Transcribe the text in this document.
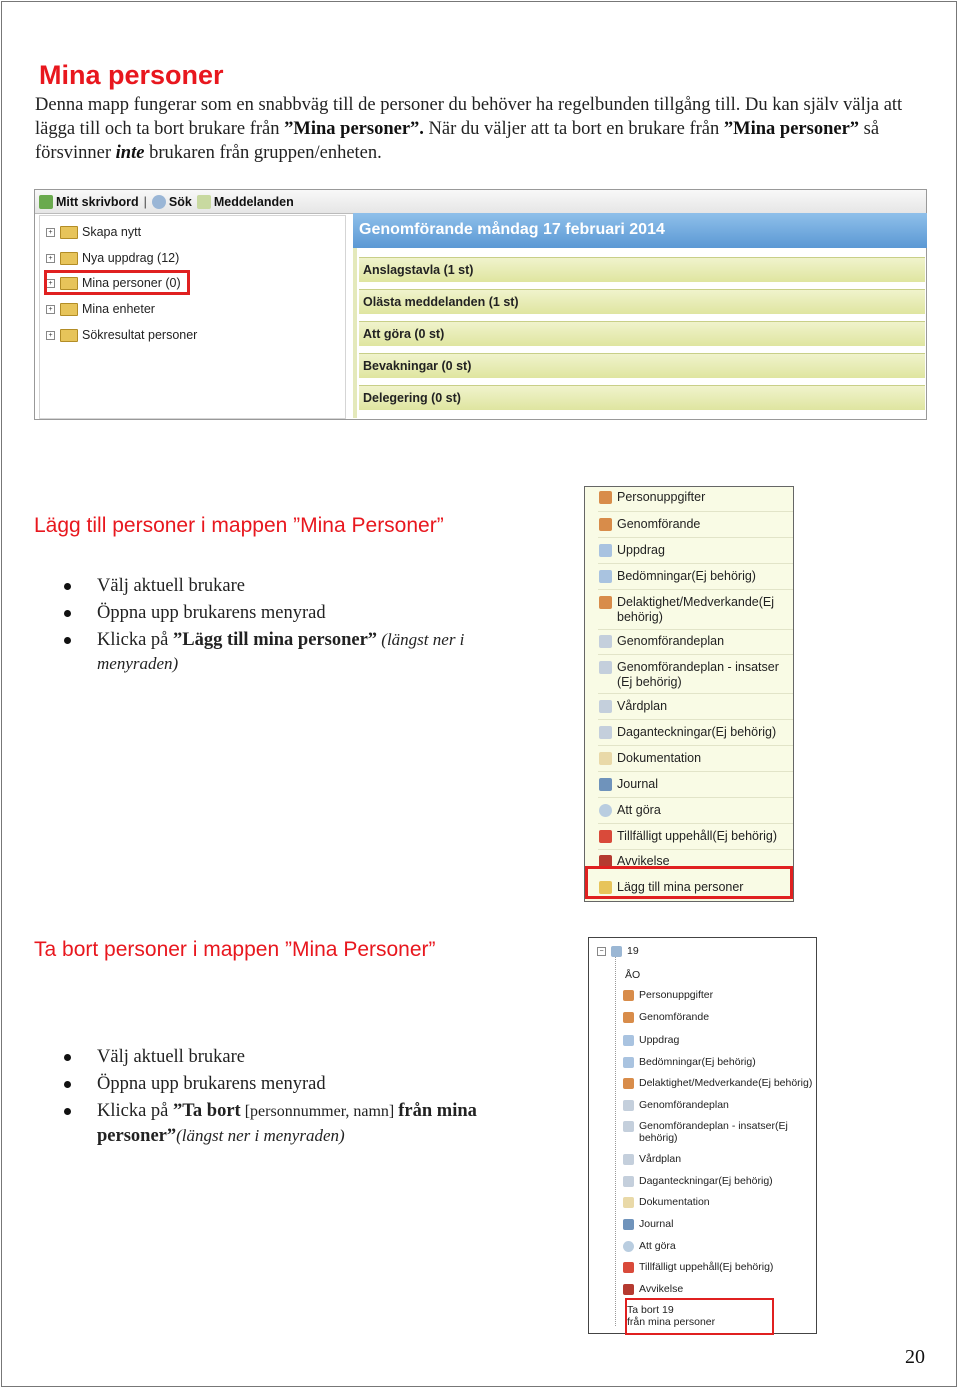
Mina personer
Denna mapp fungerar som en snabbväg till de personer du behöver ha regelbunden tillgång till. Du kan själv välja att lägga till och ta bort brukare från ”Mina personer”. När du väljer att ta bort en brukare från ”Mina personer” så försvinner inte brukaren från gruppen/enheten.
Mitt skrivbord |	Sök Meddelanden
+ Skapa nytt
+ Nya uppdrag (12)
+ Mina personer (0)
+ Mina enheter
+ Sökresultat personer
Genomförande måndag 17 februari 2014
Anslagstavla (1 st)
Olästa meddelanden (1 st)
Att göra (0 st)
Bevakningar (0 st)
Delegering (0 st)
Lägg till personer i mappen ”Mina Personer”
Välj aktuell brukare
Öppna upp brukarens menyrad
Klicka på ”Lägg till mina personer” (längst ner i menyraden)
Personuppgifter
Genomförande
Uppdrag
Bedömningar(Ej behörig)
Delaktighet/Medverkande(Ej behörig)
Genomförandeplan
Genomförandeplan - insatser (Ej behörig)
Vårdplan
Daganteckningar(Ej behörig)
Dokumentation
Journal
Att göra
Tillfälligt uppehåll(Ej behörig)
Avvikelse
Lägg till mina personer
Ta bort personer i mappen ”Mina Personer”
Välj aktuell brukare
Öppna upp brukarens menyrad
Klicka på ”Ta bort [personnummer, namn] från mina personer”(längst ner i menyraden)
− 19
ÅO
Personuppgifter
Genomförande
Uppdrag
Bedömningar(Ej behörig)
Delaktighet/Medverkande(Ej behörig)
Genomförandeplan
Genomförandeplan - insatser(Ej behörig)
Vårdplan
Daganteckningar(Ej behörig)
Dokumentation
Journal
Att göra
Tillfälligt uppehåll(Ej behörig)
Avvikelse
Ta bort 19
från mina personer
20
